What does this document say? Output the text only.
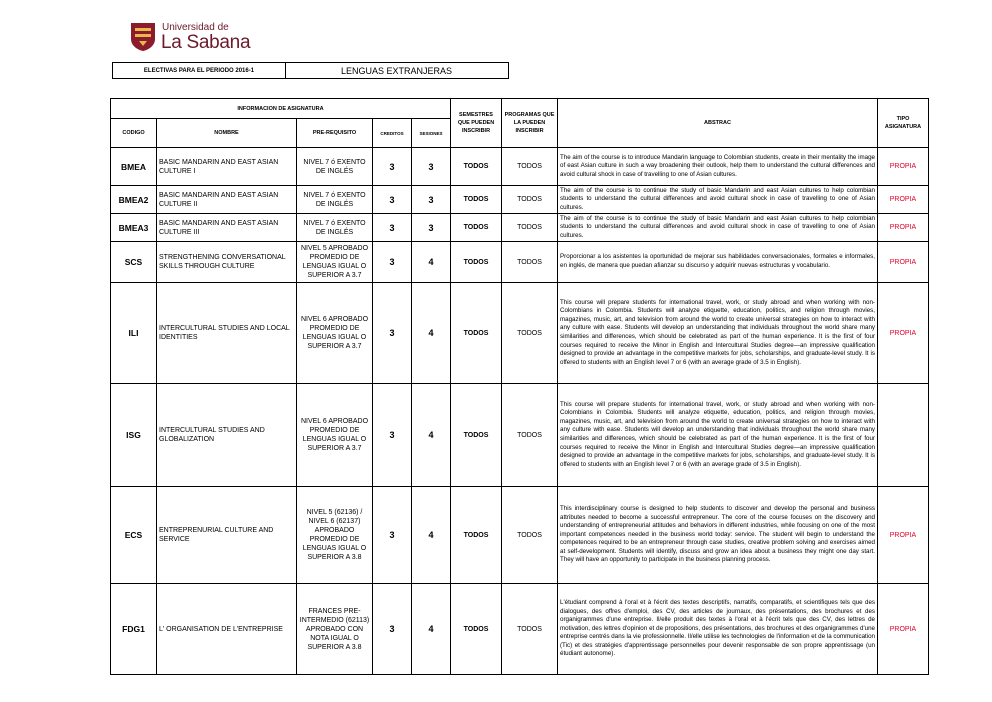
Universidad de
La Sabana
ELECTIVAS PARA EL PERIODO 2016-1	LENGUAS EXTRANJERAS
INFORMACION DE ASIGNATURA					SEMESTRES QUE PUEDEN INSCRIBIR	PROGRAMAS QUE LA PUEDEN INSCRIBIR	ABSTRAC	TIPO ASIGNATURA
CODIGO	NOMBRE	PRE-REQUISITO	CREDITOS	SESIONES				
BMEA	BASIC MANDARIN AND EAST ASIAN CULTURE I	NIVEL 7 ó EXENTO DE INGLÉS	3	3	TODOS	TODOS	The aim of the course is to introduce Mandarin language to Colombian students, create in their mentality the image of east Asian culture in such a way broadening their outlook, help them to understand the cultural differences and avoid cultural shock in case of travelling to one of Asian cultures.	PROPIA
BMEA2	BASIC MANDARIN AND EAST ASIAN CULTURE II	NIVEL 7 ó EXENTO DE INGLÉS	3	3	TODOS	TODOS	The aim of the course is to continue the study of basic Mandarin and east Asian cultures to help colombian students to understand the cultural differences and avoid cultural shock in case of travelling to one of Asian cultures.	PROPIA
BMEA3	BASIC MANDARIN AND EAST ASIAN CULTURE III	NIVEL 7 ó EXENTO DE INGLÉS	3	3	TODOS	TODOS	The aim of the course is to continue the study of basic Mandarin and east Asian cultures to help colombian students to understand the cultural differences and avoid cultural shock in case of travelling to one of Asian cultures.	PROPIA
SCS	STRENGTHENING CONVERSATIONAL SKILLS THROUGH CULTURE	NIVEL 5 APROBADO PROMEDIO DE LENGUAS IGUAL O SUPERIOR A 3.7	3	4	TODOS	TODOS	Proporcionar a los asistentes la oportunidad de mejorar sus habilidades conversacionales, formales e informales, en inglés, de manera que puedan afianzar su discurso y adquirir nuevas estructuras y vocabulario.	PROPIA
ILI	INTERCULTURAL STUDIES AND LOCAL IDENTITIES	NIVEL 6 APROBADO PROMEDIO DE LENGUAS IGUAL O SUPERIOR A 3.7	3	4	TODOS	TODOS	This course will prepare students for international travel, work, or study abroad and when working with non-Colombians in Colombia. Students will analyze etiquette, education, politics, and religion through movies, magazines, music, art, and television from around the world to create universal strategies on how to interact with any culture with ease. Students will develop an understanding that individuals throughout the world share many similarities and differences, which should be celebrated as part of the human experience. It is the first of four courses required to receive the Minor in English and Intercultural Studies degree—an impressive qualification designed to provide an advantage in the competitive markets for jobs, scholarships, and graduate-level study. It is offered to students with an English level 7 or 6 (with an average grade of 3.5 in English).	PROPIA
ISG	INTERCULTURAL STUDIES AND GLOBALIZATION	NIVEL 6 APROBADO PROMEDIO DE LENGUAS IGUAL O SUPERIOR A 3.7	3	4	TODOS	TODOS	This course will prepare students for international travel, work, or study abroad and when working with non-Colombians in Colombia. Students will analyze etiquette, education, politics, and religion through movies, magazines, music, art, and television from around the world to create universal strategies on how to interact with any culture with ease. Students will develop an understanding that individuals throughout the world share many similarities and differences, which should be celebrated as part of the human experience. It is the first of four courses required to receive the Minor in English and Intercultural Studies degree—an impressive qualification designed to provide an advantage in the competitive markets for jobs, scholarships, and graduate-level study. It is offered to students with an English level 7 or 6 (with an average grade of 3.5 in English).	
ECS	ENTREPRENURIAL CULTURE AND SERVICE	NIVEL 5 (62136) / NIVEL 6 (62137) APROBADO PROMEDIO DE LENGUAS IGUAL O SUPERIOR A 3.8	3	4	TODOS	TODOS	This interdisciplinary course is designed to help students to discover and develop the personal and business attributes needed to become a successful entrepreneur. The core of the course focuses on the discovery and understanding of entrepreneurial attitudes and behaviors in different industries, while focusing on one of the most important competences needed in the business world today: service. The student will begin to understand the competences required to be an entrepreneur through case studies, creative problem solving and exercises aimed at self-development. Students will identify, discuss and grow an idea about a business they might one day start. They will have an opportunity to participate in the business planning process.	PROPIA
FDG1	L' ORGANISATION DE L'ENTREPRISE	FRANCES PRE-INTERMEDIO (62113) APROBADO CON NOTA IGUAL O SUPERIOR A 3.8	3	4	TODOS	TODOS	L'étudiant comprend à l'oral et à l'écrit des textes descriptifs, narratifs, comparatifs, et scientifiques tels que des dialogues, des offres d'emploi, des CV, des articles de journaux, des présentations, des brochures et des organigrammes d'une entreprise. Il/elle produit des textes à l'oral et à l'écrit tels que des CV, des lettres de motivation, des lettres d'opinion et de propositions, des présentations, des brochures et des organigrammes d'une entreprise centrés dans la vie professionnelle. Il/elle utilise les technologies de l'information et de la communication (Tic) et des stratégies d'apprentissage personnelles pour devenir responsable de son propre apprentissage (un étudiant autonome).	PROPIA
